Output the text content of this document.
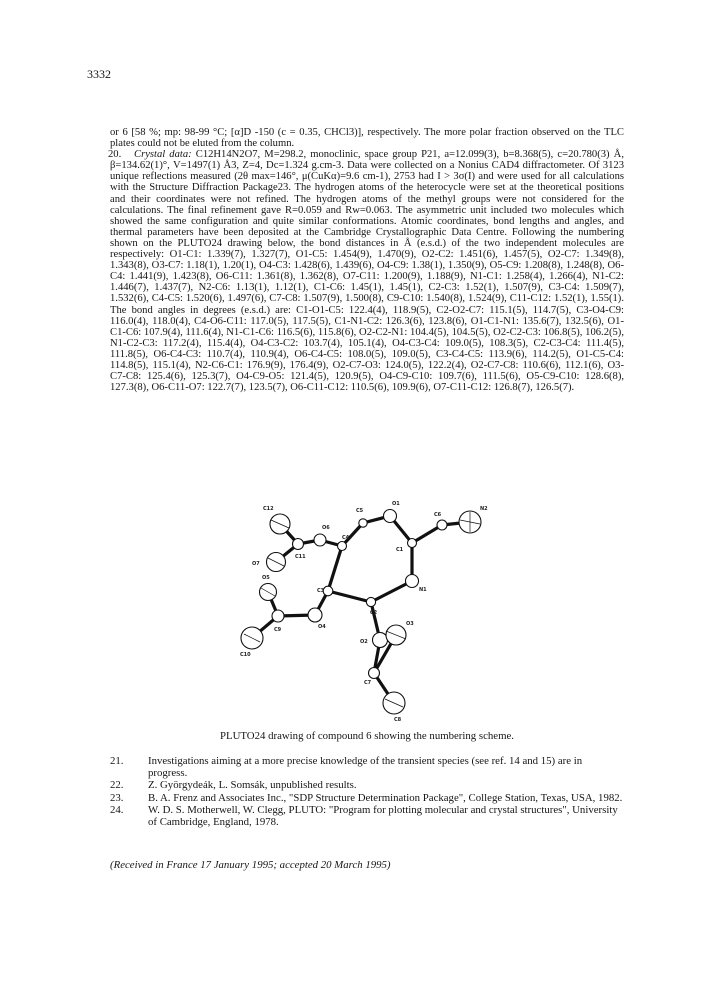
3332

or 6 [58 %; mp: 98-99 °C; [α]D -150 (c = 0.35, CHCl3)], respectively. The more polar fraction observed on the TLC plates could not be eluted from the column.

20. Crystal data: C12H14N2O7, M=298.2, monoclinic, space group P21, a=12.099(3), b=8.368(5), c=20.780(3) Å, β=134.62(1)°, V=1497(1) Å3, Z=4, Dc=1.324 g.cm-3. Data were collected on a Nonius CAD4 diffractometer. Of 3123 unique reflections measured (2θ max=146°, μ(CuKα)=9.6 cm-1), 2753 had I > 3σ(I) and were used for all calculations with the Structure Diffraction Package23. The hydrogen atoms of the heterocycle were set at the theoretical positions and their coordinates were not refined. The hydrogen atoms of the methyl groups were not considered for the calculations. The final refinement gave R=0.059 and Rw=0.063. The asymmetric unit included two molecules which showed the same configuration and quite similar conformations. Atomic coordinates, bond lengths and angles, and thermal parameters have been deposited at the Cambridge Crystallographic Data Centre. Following the numbering shown on the PLUTO24 drawing below, the bond distances in Å (e.s.d.) of the two independent molecules are respectively: O1-C1: 1.339(7), 1.327(7), O1-C5: 1.454(9), 1.470(9), O2-C2: 1.451(6), 1.457(5), O2-C7: 1.349(8), 1.343(8), O3-C7: 1.18(1), 1.20(1), O4-C3: 1.428(6), 1.439(6), O4-C9: 1.38(1), 1.350(9), O5-C9: 1.208(8), 1.248(8), O6-C4: 1.441(9), 1.423(8), O6-C11: 1.361(8), 1.362(8), O7-C11: 1.200(9), 1.188(9), N1-C1: 1.258(4), 1.266(4), N1-C2: 1.446(7), 1.437(7), N2-C6: 1.13(1), 1.12(1), C1-C6: 1.45(1), 1.45(1), C2-C3: 1.52(1), 1.507(9), C3-C4: 1.509(7), 1.532(6), C4-C5: 1.520(6), 1.497(6), C7-C8: 1.507(9), 1.500(8), C9-C10: 1.540(8), 1.524(9), C11-C12: 1.52(1), 1.55(1). The bond angles in degrees (e.s.d.) are: C1-O1-C5: 122.4(4), 118.9(5), C2-O2-C7: 115.1(5), 114.7(5), C3-O4-C9: 116.0(4), 118.0(4), C4-O6-C11: 117.0(5), 117.5(5), C1-N1-C2: 126.3(6), 123.8(6), O1-C1-N1: 135.6(7), 132.5(6), O1-C1-C6: 107.9(4), 111.6(4), N1-C1-C6: 116.5(6), 115.8(6), O2-C2-N1: 104.4(5), 104.5(5), O2-C2-C3: 106.8(5), 106.2(5), N1-C2-C3: 117.2(4), 115.4(4), O4-C3-C2: 103.7(4), 105.1(4), O4-C3-C4: 109.0(5), 108.3(5), C2-C3-C4: 111.4(5), 111.8(5), O6-C4-C3: 110.7(4), 110.9(4), O6-C4-C5: 108.0(5), 109.0(5), C3-C4-C5: 113.9(6), 114.2(5), O1-C5-C4: 114.8(5), 115.1(4), N2-C6-C1: 176.9(9), 176.4(9), O2-C7-O3: 124.0(5), 122.2(4), O2-C7-C8: 110.6(6), 112.1(6), O3-C7-C8: 125.4(6), 125.3(7), O4-C9-O5: 121.4(5), 120.9(5), O4-C9-C10: 109.7(6), 111.5(6), O5-C9-C10: 128.6(8), 127.3(8), O6-C11-O7: 122.7(7), 123.5(7), O6-C11-C12: 110.5(6), 109.9(6), O7-C11-C12: 126.8(7), 126.5(7).

O1
C5
C6
N2
C12
O6
C4
C1
O7
C11
O5
C3	N1
C9	O4
C2
O2
O3
C10
C7
C8
PLUTO24 drawing of compound 6 showing the numbering scheme.
21. Investigations aiming at a more precise knowledge of the transient species (see ref. 14 and 15) are in progress.
22. Z. Györgydeák, L. Somsák, unpublished results.
23. B. A. Frenz and Associates Inc., "SDP Structure Determination Package", College Station, Texas, USA, 1982.
24. W. D. S. Motherwell, W. Clegg, PLUTO: "Program for plotting molecular and crystal structures", University of Cambridge, England, 1978.
(Received in France 17 January 1995; accepted 20 March 1995)
